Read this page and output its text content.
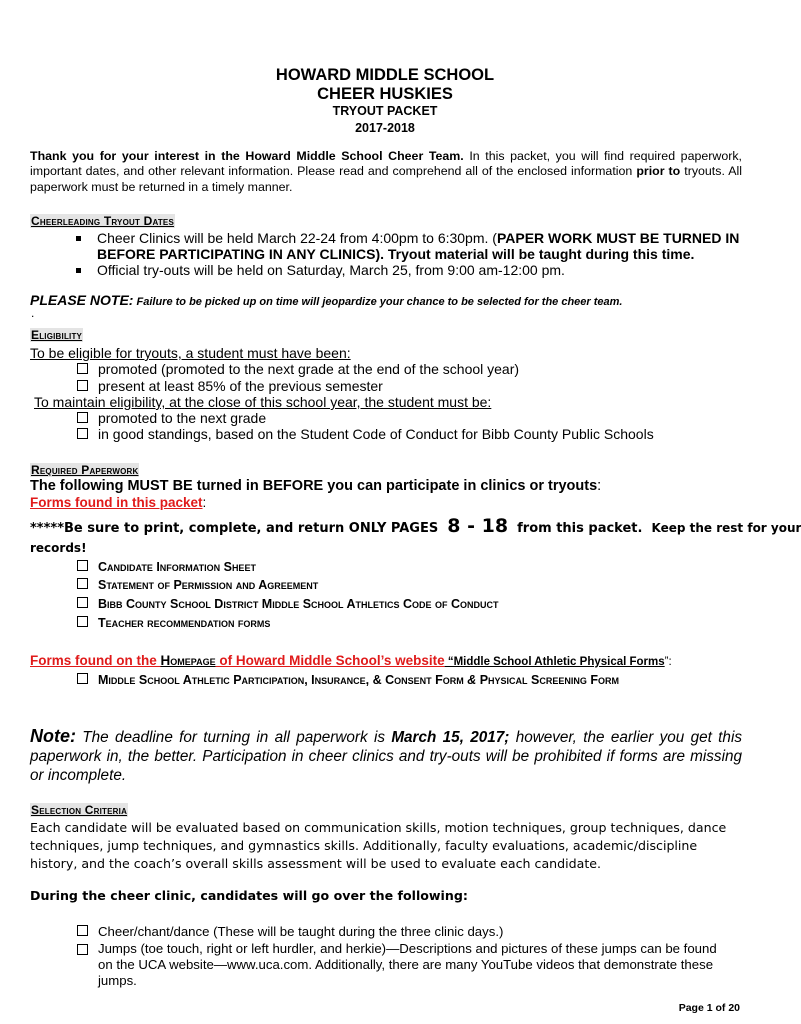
HOWARD MIDDLE SCHOOL
CHEER HUSKIES
TRYOUT PACKET
2017-2018
Thank you for your interest in the Howard Middle School Cheer Team. In this packet, you will find required paperwork, important dates, and other relevant information. Please read and comprehend all of the enclosed information prior to tryouts. All paperwork must be returned in a timely manner.
Cheerleading Tryout Dates
Cheer Clinics will be held March 22-24 from 4:00pm to 6:30pm. (PAPER WORK MUST BE TURNED IN
BEFORE PARTICIPATING IN ANY CLINICS). Tryout material will be taught during this time.
Official try-outs will be held on Saturday, March 25, from 9:00 am-12:00 pm.
PLEASE NOTE: Failure to be picked up on time will jeopardize your chance to be selected for the cheer team.
.
Eligibility
To be eligible for tryouts, a student must have been:
promoted (promoted to the next grade at the end of the school year)
present at least 85% of the previous semester
To maintain eligibility, at the close of this school year, the student must be:
promoted to the next grade
in good standings, based on the Student Code of Conduct for Bibb County Public Schools
Required Paperwork
The following MUST BE turned in BEFORE you can participate in clinics or tryouts:
Forms found in this packet:
*****Be sure to print, complete, and return ONLY PAGES 8 - 18 from this packet. Keep the rest for your
records!
Candidate Information Sheet
Statement of Permission and Agreement
Bibb County School District Middle School Athletics Code of Conduct
Teacher recommendation forms
Forms found on the Homepage of Howard Middle School’s website “Middle School Athletic Physical Forms”:
Middle School Athletic Participation, Insurance, & Consent Form & Physical Screening Form
Note: The deadline for turning in all paperwork is March 15, 2017; however, the earlier you get this paperwork in, the better. Participation in cheer clinics and try-outs will be prohibited if forms are missing or incomplete.
Selection Criteria
Each candidate will be evaluated based on communication skills, motion techniques, group techniques, dance techniques, jump techniques, and gymnastics skills. Additionally, faculty evaluations, academic/discipline history, and the coach’s overall skills assessment will be used to evaluate each candidate.
During the cheer clinic, candidates will go over the following:
Cheer/chant/dance (These will be taught during the three clinic days.)
Jumps (toe touch, right or left hurdler, and herkie)—Descriptions and pictures of these jumps can be found on the UCA website—www.uca.com. Additionally, there are many YouTube videos that demonstrate these jumps.
Page 1 of 20
